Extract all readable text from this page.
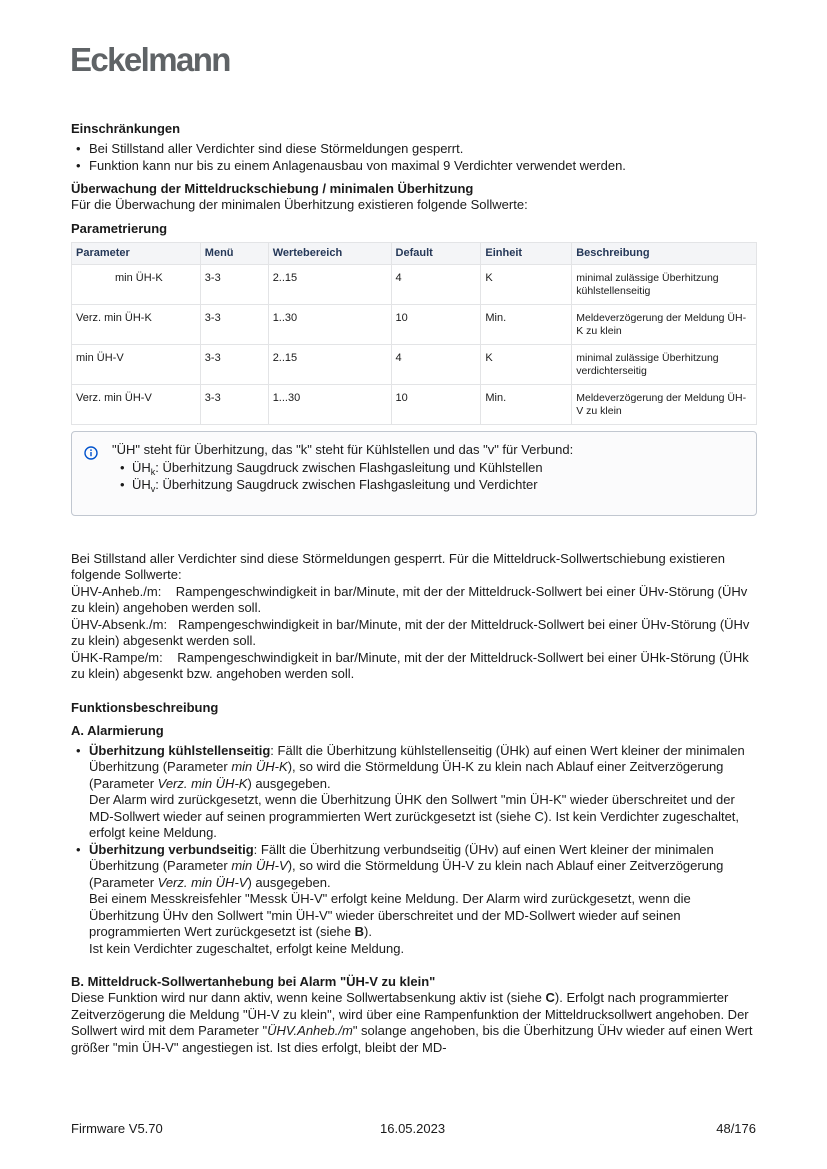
Eckelmann
Einschränkungen
• Bei Stillstand aller Verdichter sind diese Störmeldungen gesperrt.
• Funktion kann nur bis zu einem Anlagenausbau von maximal 9 Verdichter verwendet werden.
Überwachung der Mitteldruckschiebung / minimalen Überhitzung

Für die Überwachung der minimalen Überhitzung existieren folgende Sollwerte:

Parametrierung
Parameter	Menü	Wertebereich	Default	Einheit	Beschreibung
min ÜH-K	3-3	2..15	4	K	minimal zulässige Überhitzung kühlstellenseitig
Verz. min ÜH-K	3-3	1..30	10	Min.	Meldeverzögerung der Meldung ÜH-K zu klein
min ÜH-V	3-3	2..15	4	K	minimal zulässige Überhitzung verdichterseitig
Verz. min ÜH-V	3-3	1...30	10	Min.	Meldeverzögerung der Meldung ÜH-V zu klein

"ÜH" steht für Überhitzung, das "k" steht für Kühlstellen und das "v" für Verbund:

• $ÜH_k$: Überhitzung Saugdruck zwischen Flashgasleitung und Kühlstellen
• $ÜH_v$: Überhitzung Saugdruck zwischen Flashgasleitung und Verdichter

Bei Stillstand aller Verdichter sind diese Störmeldungen gesperrt. Für die Mitteldruck-Sollwertschiebung existieren folgende Sollwerte:

ÜHV-Anheb./m: Rampengeschwindigkeit in bar/Minute, mit der der Mitteldruck-Sollwert bei einer ÜHv-Störung (ÜHv zu klein) angehoben werden soll.

ÜHV-Absenk./m: Rampengeschwindigkeit in bar/Minute, mit der der Mitteldruck-Sollwert bei einer ÜHv-Störung (ÜHv zu klein) abgesenkt werden soll.

ÜHK-Rampe/m: Rampengeschwindigkeit in bar/Minute, mit der der Mitteldruck-Sollwert bei einer ÜHk-Störung (ÜHk zu klein) abgesenkt bzw. angehoben werden soll.

Funktionsbeschreibung
A. Alarmierung
• Überhitzung kühlstellenseitig: Fällt die Überhitzung kühlstellenseitig (ÜHk) auf einen Wert kleiner der minimalen Überhitzung (Parameter min ÜH-K), so wird die Störmeldung ÜH-K zu klein nach Ablauf einer Zeitverzögerung (Parameter Verz. min ÜH-K) ausgegeben.
Der Alarm wird zurückgesetzt, wenn die Überhitzung ÜHK den Sollwert "min ÜH-K" wieder überschreitet und der MD-Sollwert wieder auf seinen programmierten Wert zurückgesetzt ist (siehe C). Ist kein Verdichter zugeschaltet, erfolgt keine Meldung.
• Überhitzung verbundseitig: Fällt die Überhitzung verbundseitig (ÜHv) auf einen Wert kleiner der minimalen Überhitzung (Parameter min ÜH-V), so wird die Störmeldung ÜH-V zu klein nach Ablauf einer Zeitverzögerung (Parameter Verz. min ÜH-V) ausgegeben.
Bei einem Messkreisfehler "Messk ÜH-V" erfolgt keine Meldung. Der Alarm wird zurückgesetzt, wenn die Überhitzung ÜHv den Sollwert "min ÜH-V" wieder überschreitet und der MD-Sollwert wieder auf seinen programmierten Wert zurückgesetzt ist (siehe B).
Ist kein Verdichter zugeschaltet, erfolgt keine Meldung.
B. Mitteldruck-Sollwertanhebung bei Alarm "ÜH-V zu klein"

Diese Funktion wird nur dann aktiv, wenn keine Sollwertabsenkung aktiv ist (siehe C). Erfolgt nach programmierter Zeitverzögerung die Meldung "ÜH-V zu klein", wird über eine Rampenfunktion der Mitteldrucksollwert angehoben. Der Sollwert wird mit dem Parameter "ÜHV.Anheb./m" solange angehoben, bis die Überhitzung ÜHv wieder auf einen Wert größer "min ÜH-V" angestiegen ist. Ist dies erfolgt, bleibt der MD-

Firmware V5.70	16.05.2023	48/176
